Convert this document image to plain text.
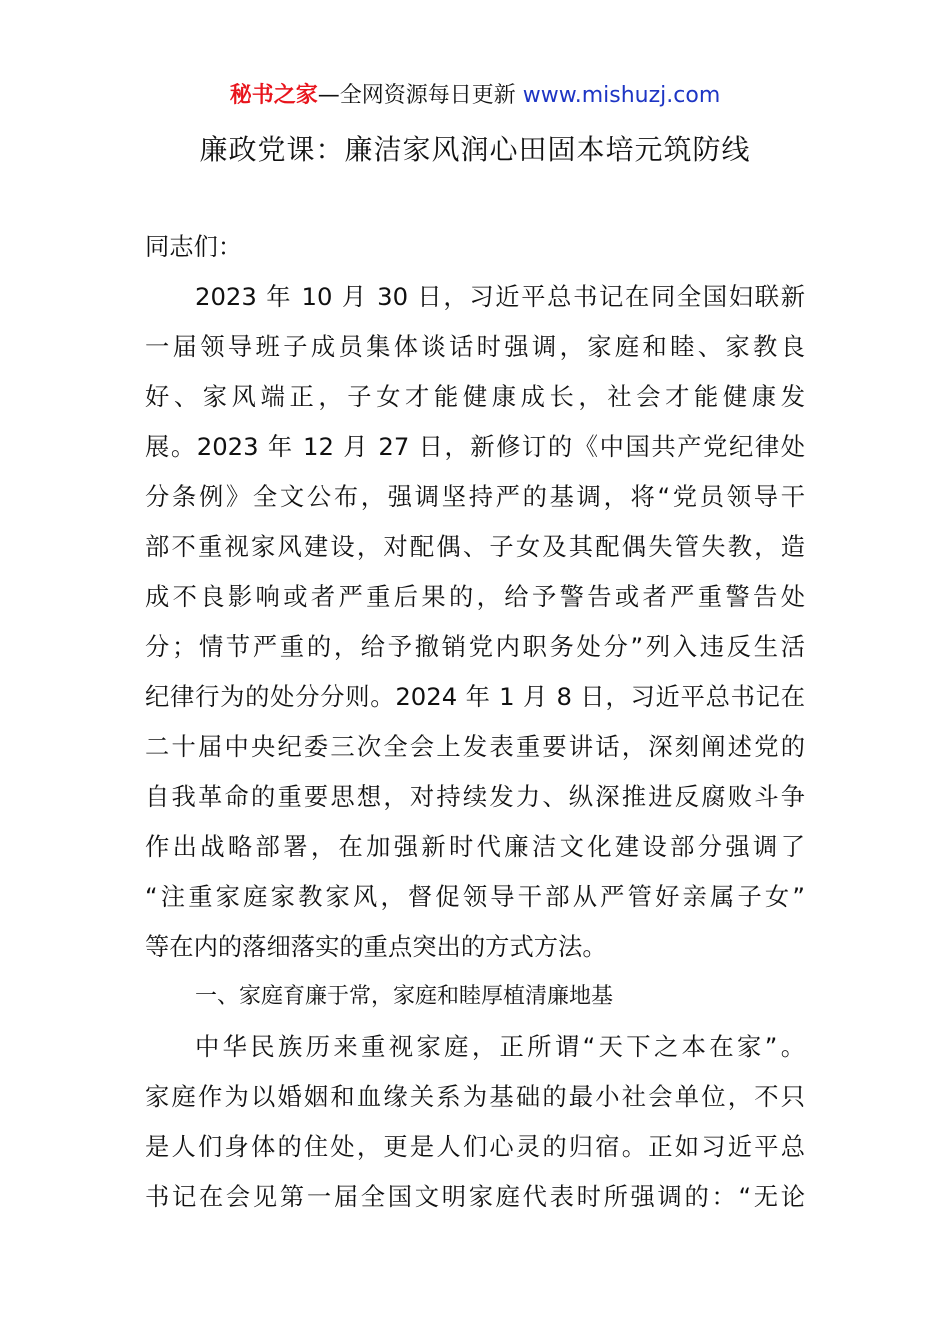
秘书之家—全网资源每日更新 www.mishuzj.com
廉政党课：廉洁家风润心田固本培元筑防线
同志们：
2023 年 10 月 30 日，习近平总书记在同全国妇联新
一届领导班子成员集体谈话时强调，家庭和睦、家教良
好、家风端正，子女才能健康成长，社会才能健康发
展。2023 年 12 月 27 日，新修订的《中国共产党纪律处
分条例》全文公布，强调坚持严的基调，将“党员领导干
部不重视家风建设，对配偶、子女及其配偶失管失教，造
成不良影响或者严重后果的，给予警告或者严重警告处
分；情节严重的，给予撤销党内职务处分”列入违反生活
纪律行为的处分分则。2024 年 1 月 8 日，习近平总书记在
二十届中央纪委三次全会上发表重要讲话，深刻阐述党的
自我革命的重要思想，对持续发力、纵深推进反腐败斗争
作出战略部署，在加强新时代廉洁文化建设部分强调了
“注重家庭家教家风，督促领导干部从严管好亲属子女”
等在内的落细落实的重点突出的方式方法。
一、家庭育廉于常，家庭和睦厚植清廉地基
中华民族历来重视家庭，正所谓“天下之本在家”。
家庭作为以婚姻和血缘关系为基础的最小社会单位，不只
是人们身体的住处，更是人们心灵的归宿。正如习近平总
书记在会见第一届全国文明家庭代表时所强调的：“无论
